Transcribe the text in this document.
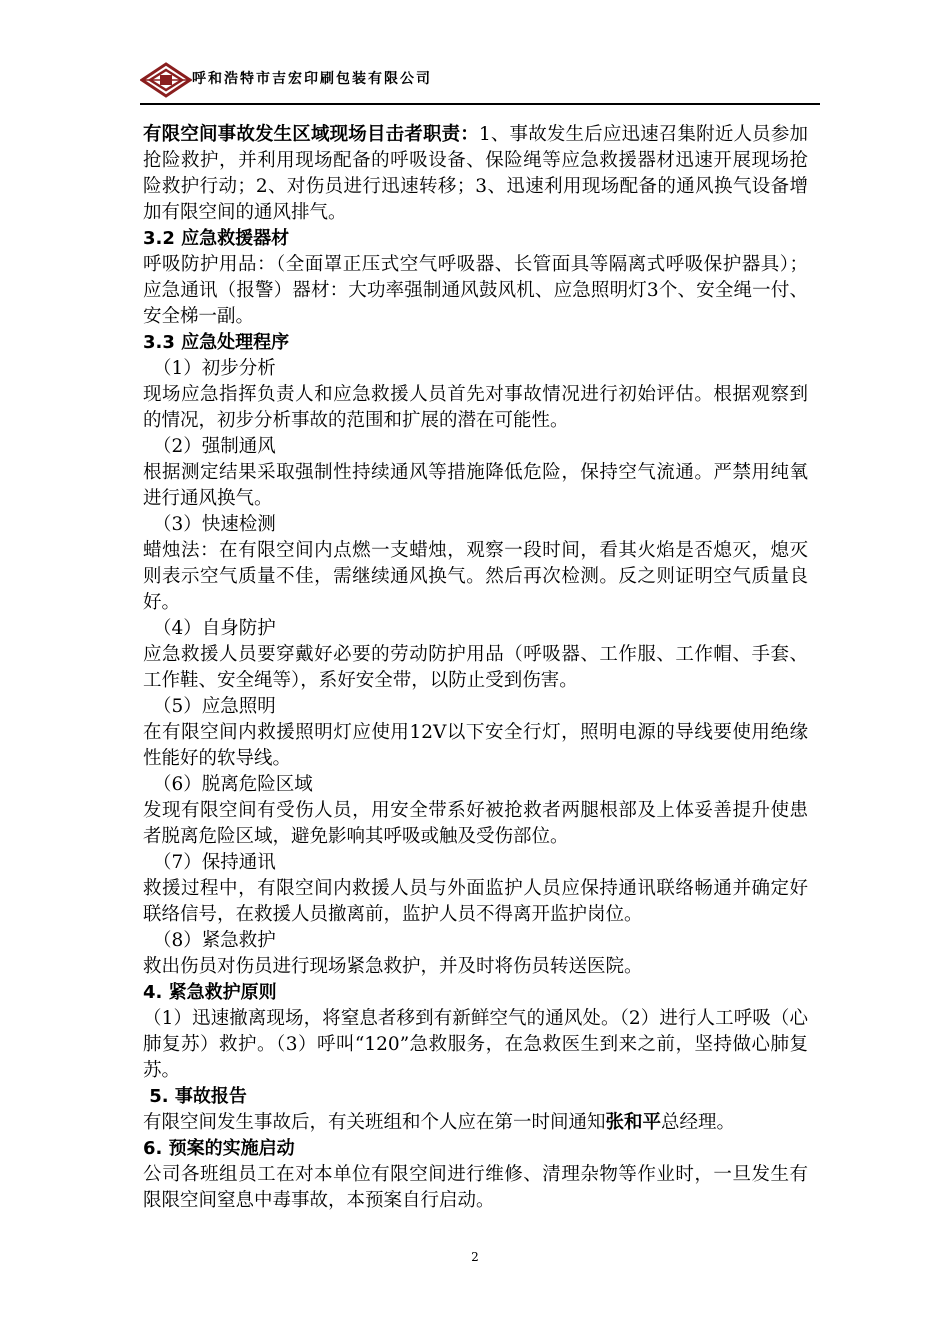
呼和浩特市吉宏印刷包装有限公司

有限空间事故发生区域现场目击者职责：1、事故发生后应迅速召集附近人员参加抢险救护，并利用现场配备的呼吸设备、保险绳等应急救援器材迅速开展现场抢险救护行动；2、对伤员进行迅速转移；3、迅速利用现场配备的通风换气设备增加有限空间的通风排气。

3.2 应急救援器材

呼吸防护用品：（全面罩正压式空气呼吸器、长管面具等隔离式呼吸保护器具）；应急通讯（报警）器材：大功率强制通风鼓风机、应急照明灯3个、安全绳一付、安全梯一副。

3.3 应急处理程序

（1）初步分析

现场应急指挥负责人和应急救援人员首先对事故情况进行初始评估。根据观察到的情况，初步分析事故的范围和扩展的潜在可能性。

（2）强制通风

根据测定结果采取强制性持续通风等措施降低危险，保持空气流通。严禁用纯氧进行通风换气。

（3）快速检测

蜡烛法：在有限空间内点燃一支蜡烛，观察一段时间，看其火焰是否熄灭，熄灭则表示空气质量不佳，需继续通风换气。然后再次检测。反之则证明空气质量良好。

（4）自身防护

应急救援人员要穿戴好必要的劳动防护用品（呼吸器、工作服、工作帽、手套、工作鞋、安全绳等），系好安全带，以防止受到伤害。

（5）应急照明

在有限空间内救援照明灯应使用12V以下安全行灯，照明电源的导线要使用绝缘性能好的软导线。

（6）脱离危险区域

发现有限空间有受伤人员，用安全带系好被抢救者两腿根部及上体妥善提升使患者脱离危险区域，避免影响其呼吸或触及受伤部位。

（7）保持通讯

救援过程中，有限空间内救援人员与外面监护人员应保持通讯联络畅通并确定好联络信号，在救援人员撤离前，监护人员不得离开监护岗位。

（8）紧急救护

救出伤员对伤员进行现场紧急救护，并及时将伤员转送医院。

4. 紧急救护原则

（1）迅速撤离现场，将窒息者移到有新鲜空气的通风处。（2）进行人工呼吸（心肺复苏）救护。（3）呼叫“120”急救服务，在急救医生到来之前，坚持做心肺复苏。

5. 事故报告

有限空间发生事故后，有关班组和个人应在第一时间通知张和平总经理。

6. 预案的实施启动

公司各班组员工在对本单位有限空间进行维修、清理杂物等作业时，一旦发生有限限空间窒息中毒事故，本预案自行启动。

2
